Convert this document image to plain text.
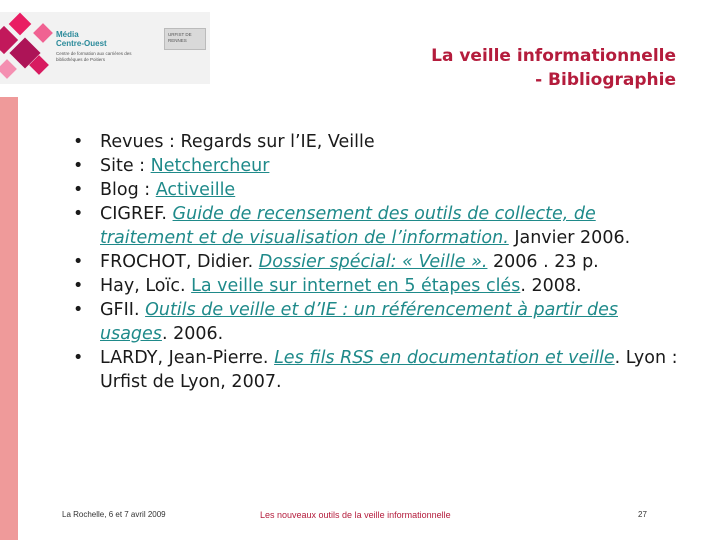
Média
Centre-Ouest
Centre de formation aux carrières des bibliothèques de Poitiers
URFIST DE RENNES
La veille informationnelle
- Bibliographie
• Revues : Regards sur l’IE, Veille
• Site : Netchercheur
• Blog : Activeille
• CIGREF. Guide de recensement des outils de collecte, de traitement et de visualisation de l’information. Janvier 2006.
• FROCHOT, Didier. Dossier spécial: « Veille ». 2006 . 23 p.
• Hay, Loïc. La veille sur internet en 5 étapes clés. 2008.
• GFII. Outils de veille et d’IE : un référencement à partir des usages. 2006.
• LARDY, Jean-Pierre. Les fils RSS en documentation et veille. Lyon : Urfist de Lyon, 2007.
La Rochelle, 6 et 7 avril 2009	Les nouveaux outils de la veille informationnelle	27
